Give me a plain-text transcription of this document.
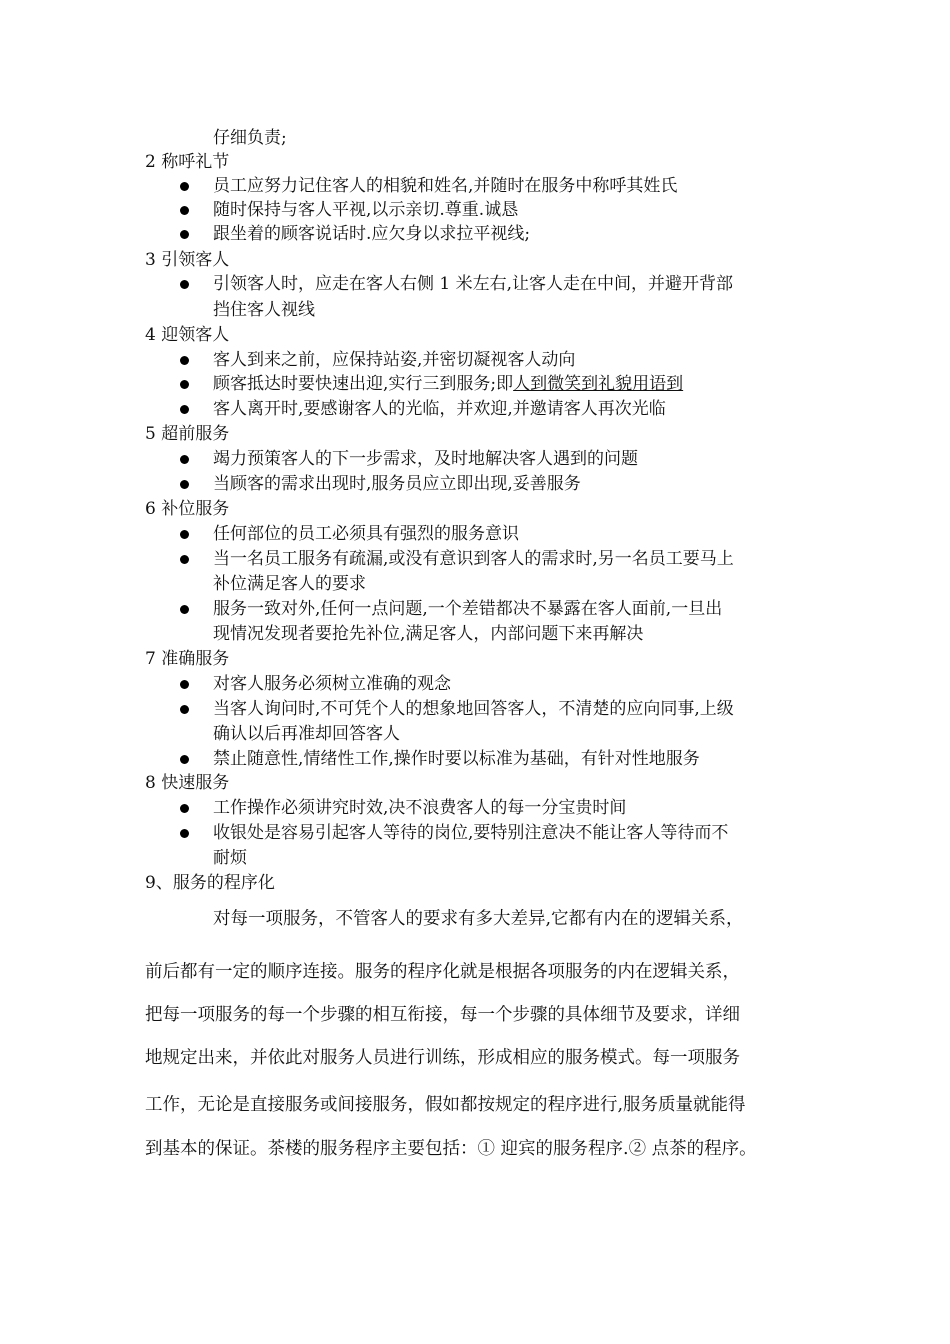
仔细负责;
2 称呼礼节
员工应努力记住客人的相貌和姓名,并随时在服务中称呼其姓氏
随时保持与客人平视,以示亲切.尊重.诚恳
跟坐着的顾客说话时.应欠身以求拉平视线;
3 引领客人
引领客人时，应走在客人右侧 1 米左右,让客人走在中间，并避开背部
挡住客人视线
4 迎领客人
客人到来之前，应保持站姿,并密切凝视客人动向
顾客抵达时要快速出迎,实行三到服务;即人到微笑到礼貌用语到
客人离开时,要感谢客人的光临，并欢迎,并邀请客人再次光临
5 超前服务
竭力预策客人的下一步需求，及时地解决客人遇到的问题
当顾客的需求出现时,服务员应立即出现,妥善服务
6 补位服务
任何部位的员工必须具有强烈的服务意识
当一名员工服务有疏漏,或没有意识到客人的需求时,另一名员工要马上
补位满足客人的要求
服务一致对外,任何一点问题,一个差错都决不暴露在客人面前,一旦出
现情况发现者要抢先补位,满足客人，内部问题下来再解决
7 准确服务
对客人服务必须树立准确的观念
当客人询问时,不可凭个人的想象地回答客人，不清楚的应向同事,上级
确认以后再准却回答客人
禁止随意性,情绪性工作,操作时要以标准为基础，有针对性地服务
8 快速服务
工作操作必须讲究时效,决不浪费客人的每一分宝贵时间
收银处是容易引起客人等待的岗位,要特别注意决不能让客人等待而不
耐烦
9、服务的程序化
对每一项服务，不管客人的要求有多大差异,它都有内在的逻辑关系，
前后都有一定的顺序连接。服务的程序化就是根据各项服务的内在逻辑关系，
把每一项服务的每一个步骤的相互衔接，每一个步骤的具体细节及要求，详细
地规定出来，并依此对服务人员进行训练，形成相应的服务模式。每一项服务
工作，无论是直接服务或间接服务，假如都按规定的程序进行,服务质量就能得
到基本的保证。茶楼的服务程序主要包括：① 迎宾的服务程序.② 点茶的程序。
